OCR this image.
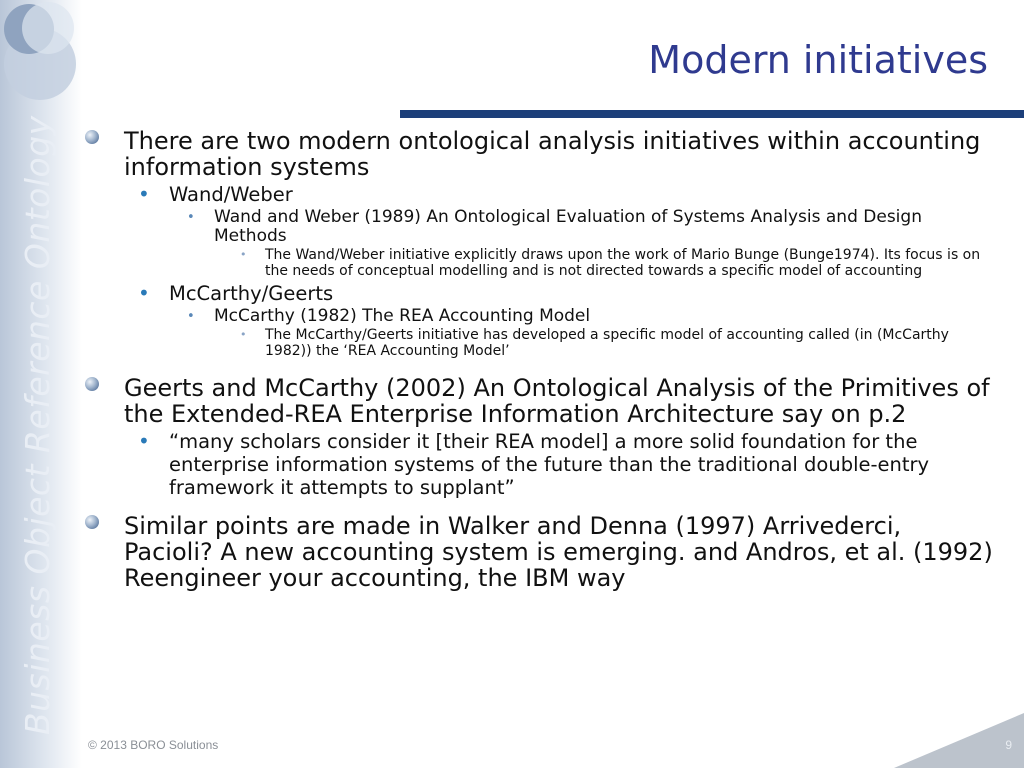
Business Object Reference Ontology
Modern initiatives
There are two modern ontological analysis initiatives within accounting information systems
• Wand/Weber
• Wand and Weber (1989) An Ontological Evaluation of Systems Analysis and Design Methods
• The Wand/Weber initiative explicitly draws upon the work of Mario Bunge (Bunge1974). Its focus is on the needs of conceptual modelling and is not directed towards a specific model of accounting
• McCarthy/Geerts
• McCarthy (1982) The REA Accounting Model
• The McCarthy/Geerts initiative has developed a specific model of accounting called (in (McCarthy 1982)) the ‘REA Accounting Model’
Geerts and McCarthy (2002) An Ontological Analysis of the Primitives of the Extended-REA Enterprise Information Architecture say on p.2
• “many scholars consider it [their REA model] a more solid foundation for the enterprise information systems of the future than the traditional double-entry framework it attempts to supplant”
Similar points are made in Walker and Denna (1997) Arrivederci, Pacioli? A new accounting system is emerging. and Andros, et al. (1992) Reengineer your accounting, the IBM way
© 2013 BORO Solutions	9
